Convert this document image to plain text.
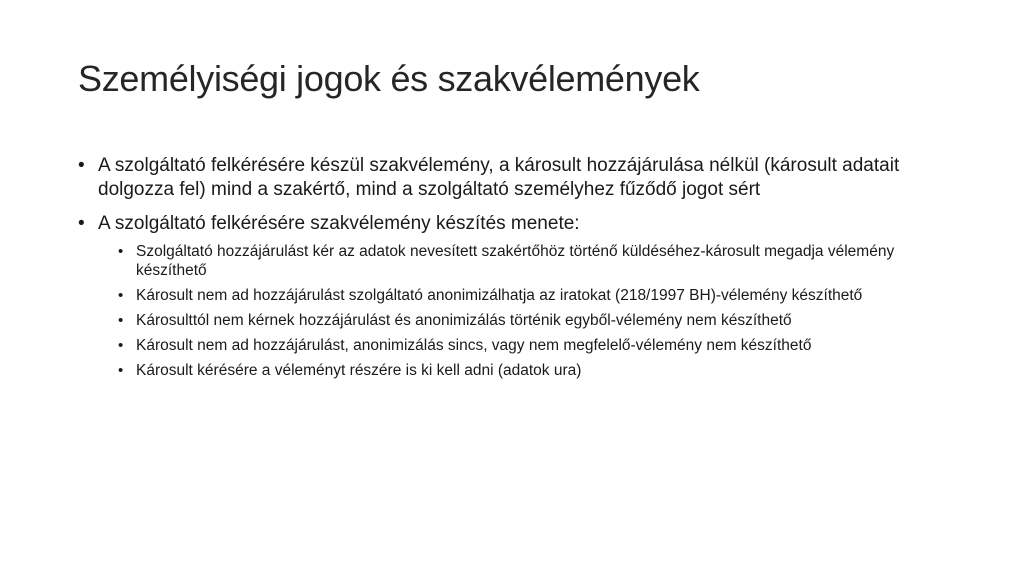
Személyiségi jogok és szakvélemények
• A szolgáltató felkérésére készül szakvélemény, a károsult hozzájárulása nélkül (károsult adatait dolgozza fel) mind a szakértő, mind a szolgáltató személyhez fűződő jogot sért
• A szolgáltató felkérésére szakvélemény készítés menete:
• Szolgáltató hozzájárulást kér az adatok nevesített szakértőhöz történő küldéséhez-károsult megadja vélemény készíthető
• Károsult nem ad hozzájárulást szolgáltató anonimizálhatja az iratokat (218/1997 BH)-vélemény készíthető
• Károsulttól nem kérnek hozzájárulást és anonimizálás történik egyből-vélemény nem készíthető
• Károsult nem ad hozzájárulást, anonimizálás sincs, vagy nem megfelelő-vélemény nem készíthető
• Károsult kérésére a véleményt részére is ki kell adni (adatok ura)
